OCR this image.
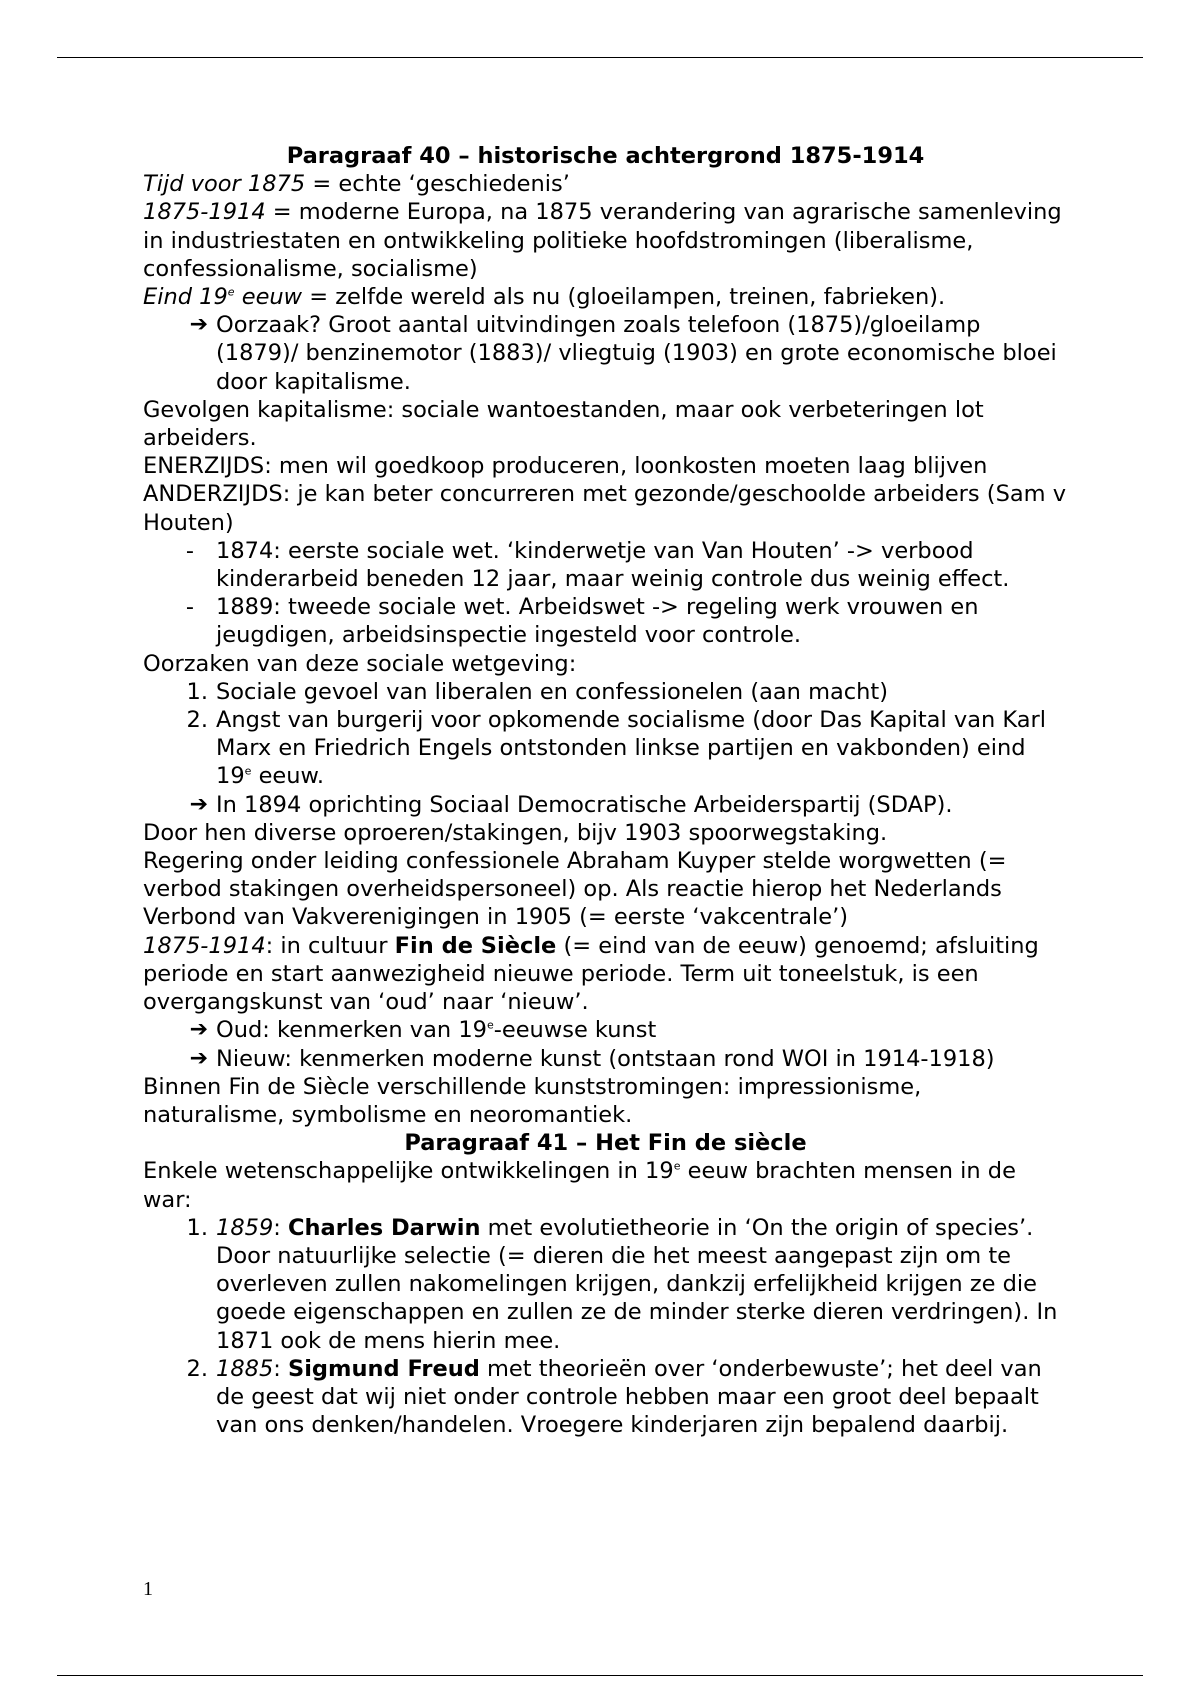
Paragraaf 40 – historische achtergrond 1875-1914

Tijd voor 1875 = echte ‘geschiedenis’

1875-1914 = moderne Europa, na 1875 verandering van agrarische samenleving in industriestaten en ontwikkeling politieke hoofdstromingen (liberalisme, confessionalisme, socialisme)

Eind 19e eeuw = zelfde wereld als nu (gloeilampen, treinen, fabrieken).

➔ Oorzaak? Groot aantal uitvindingen zoals telefoon (1875)/gloeilamp (1879)/ benzinemotor (1883)/ vliegtuig (1903) en grote economische bloei door kapitalisme.

Gevolgen kapitalisme: sociale wantoestanden, maar ook verbeteringen lot arbeiders.

ENERZIJDS: men wil goedkoop produceren, loonkosten moeten laag blijven

ANDERZIJDS: je kan beter concurreren met gezonde/geschoolde arbeiders (Sam v Houten)

- 1874: eerste sociale wet. ‘kinderwetje van Van Houten’ -> verbood kinderarbeid beneden 12 jaar, maar weinig controle dus weinig effect.
- 1889: tweede sociale wet. Arbeidswet -> regeling werk vrouwen en jeugdigen, arbeidsinspectie ingesteld voor controle.

Oorzaken van deze sociale wetgeving:

1. Sociale gevoel van liberalen en confessionelen (aan macht)
2. Angst van burgerij voor opkomende socialisme (door Das Kapital van Karl Marx en Friedrich Engels ontstonden linkse partijen en vakbonden) eind 19e eeuw.
➔ In 1894 oprichting Sociaal Democratische Arbeiderspartij (SDAP).

Door hen diverse oproeren/stakingen, bijv 1903 spoorwegstaking.

Regering onder leiding confessionele Abraham Kuyper stelde worgwetten (= verbod stakingen overheidspersoneel) op. Als reactie hierop het Nederlands Verbond van Vakverenigingen in 1905 (= eerste ‘vakcentrale’)

1875-1914: in cultuur Fin de Siècle (= eind van de eeuw) genoemd; afsluiting periode en start aanwezigheid nieuwe periode. Term uit toneelstuk, is een overgangskunst van ‘oud’ naar ‘nieuw’.

➔ Oud: kenmerken van 19e-eeuwse kunst
➔ Nieuw: kenmerken moderne kunst (ontstaan rond WOI in 1914-1918)

Binnen Fin de Siècle verschillende kunststromingen: impressionisme, naturalisme, symbolisme en neoromantiek.

Paragraaf 41 – Het Fin de siècle

Enkele wetenschappelijke ontwikkelingen in 19e eeuw brachten mensen in de war:

1. 1859: Charles Darwin met evolutietheorie in ‘On the origin of species’. Door natuurlijke selectie (= dieren die het meest aangepast zijn om te overleven zullen nakomelingen krijgen, dankzij erfelijkheid krijgen ze die goede eigenschappen en zullen ze de minder sterke dieren verdringen). In 1871 ook de mens hierin mee.
2. 1885: Sigmund Freud met theorieën over ‘onderbewuste’; het deel van de geest dat wij niet onder controle hebben maar een groot deel bepaalt van ons denken/handelen. Vroegere kinderjaren zijn bepalend daarbij.
1
